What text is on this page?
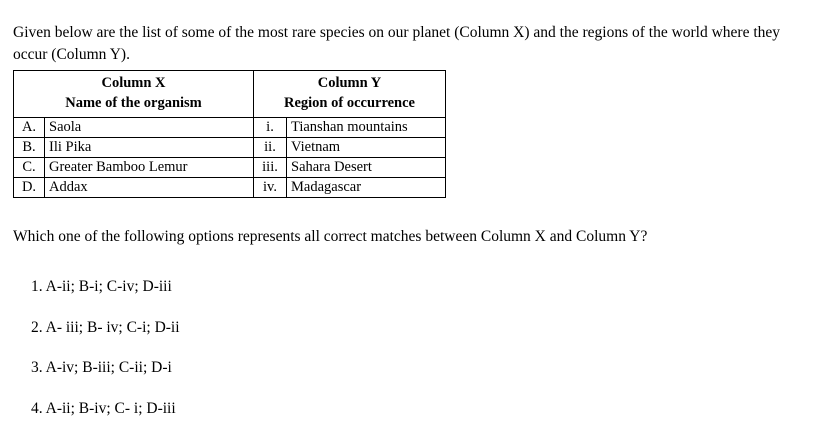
Given below are the list of some of the most rare species on our planet (Column X) and the regions of the world where they occur (Column Y).

Column X
Name of the organism

Column Y
Region of occurrence

A.	Saola	i.	Tianshan mountains
B.	Ili Pika	ii.	Vietnam
C.	Greater Bamboo Lemur	iii.	Sahara Desert
D.	Addax	iv.	Madagascar

Which one of the following options represents all correct matches between Column X and Column Y?

1. A-ii; B-i; C-iv; D-iii
2. A- iii; B- iv; C-i; D-ii
3. A-iv; B-iii; C-ii; D-i
4. A-ii; B-iv; C- i; D-iii
